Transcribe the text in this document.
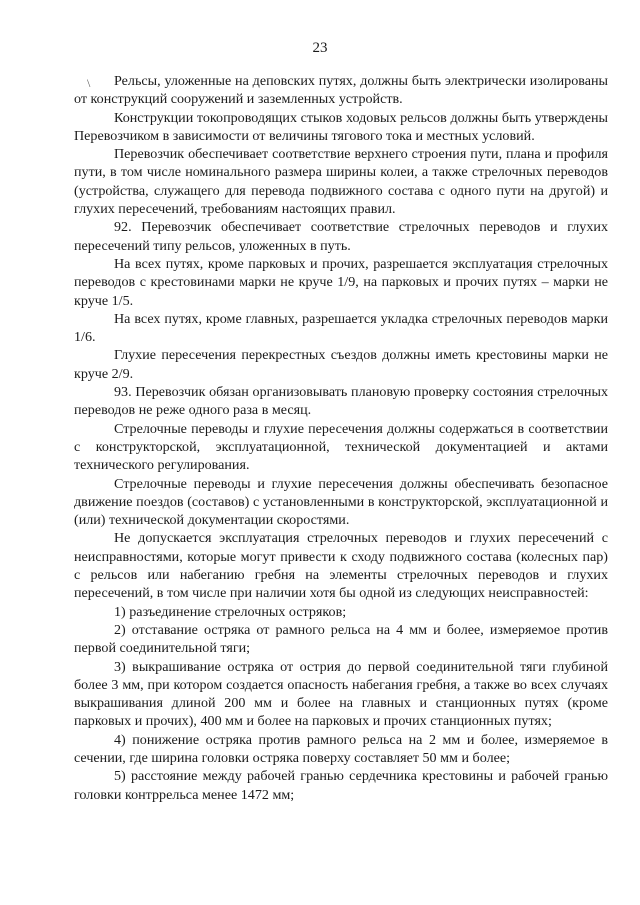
23
\	Рельсы, уложенные на деповских путях, должны быть электрически изолированы от конструкций сооружений и заземленных устройств.

Конструкции токопроводящих стыков ходовых рельсов должны быть утверждены Перевозчиком в зависимости от величины тягового тока и местных условий.

Перевозчик обеспечивает соответствие верхнего строения пути, плана и профиля пути, в том числе номинального размера ширины колеи, а также стрелочных переводов (устройства, служащего для перевода подвижного состава с одного пути на другой) и глухих пересечений, требованиям настоящих правил.

92. Перевозчик обеспечивает соответствие стрелочных переводов и глухих пересечений типу рельсов, уложенных в путь.

На всех путях, кроме парковых и прочих, разрешается эксплуатация стрелочных переводов с крестовинами марки не круче 1/9, на парковых и прочих путях – марки не круче 1/5.

На всех путях, кроме главных, разрешается укладка стрелочных переводов марки 1/6.

Глухие пересечения перекрестных съездов должны иметь крестовины марки не круче 2/9.

93. Перевозчик обязан организовывать плановую проверку состояния стрелочных переводов не реже одного раза в месяц.

Стрелочные переводы и глухие пересечения должны содержаться в соответствии с конструкторской, эксплуатационной, технической документацией и актами технического регулирования.

Стрелочные переводы и глухие пересечения должны обеспечивать безопасное движение поездов (составов) с установленными в конструкторской, эксплуатационной и (или) технической документации скоростями.

Не допускается эксплуатация стрелочных переводов и глухих пересечений с неисправностями, которые могут привести к сходу подвижного состава (колесных пар) с рельсов или набеганию гребня на элементы стрелочных переводов и глухих пересечений, в том числе при наличии хотя бы одной из следующих неисправностей:

1) разъединение стрелочных остряков;

2) отставание остряка от рамного рельса на 4 мм и более, измеряемое против первой соединительной тяги;

3) выкрашивание остряка от острия до первой соединительной тяги глубиной более 3 мм, при котором создается опасность набегания гребня, а также во всех случаях выкрашивания длиной 200 мм и более на главных и станционных путях (кроме парковых и прочих), 400 мм и более на парковых и прочих станционных путях;

4) понижение остряка против рамного рельса на 2 мм и более, измеряемое в сечении, где ширина головки остряка поверху составляет 50 мм и более;

5) расстояние между рабочей гранью сердечника крестовины и рабочей гранью головки контррельса менее 1472 мм;
